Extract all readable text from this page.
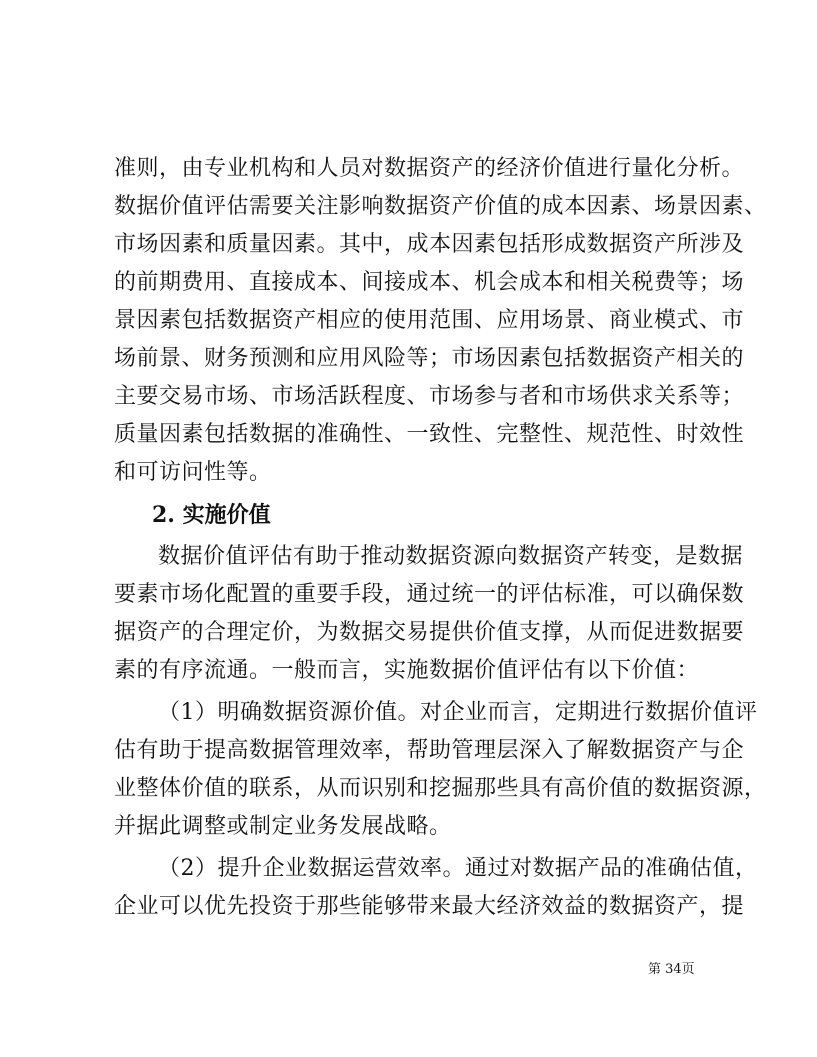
准则，由专业机构和人员对数据资产的经济价值进行量化分析。
数据价值评估需要关注影响数据资产价值的成本因素、场景因素、
市场因素和质量因素。其中，成本因素包括形成数据资产所涉及
的前期费用、直接成本、间接成本、机会成本和相关税费等；场
景因素包括数据资产相应的使用范围、应用场景、商业模式、市
场前景、财务预测和应用风险等；市场因素包括数据资产相关的
主要交易市场、市场活跃程度、市场参与者和市场供求关系等；
质量因素包括数据的准确性、一致性、完整性、规范性、时效性
和可访问性等。
2. 实施价值
数据价值评估有助于推动数据资源向数据资产转变，是数据
要素市场化配置的重要手段，通过统一的评估标准，可以确保数
据资产的合理定价，为数据交易提供价值支撑，从而促进数据要
素的有序流通。一般而言，实施数据价值评估有以下价值：
（1）明确数据资源价值。对企业而言，定期进行数据价值评
估有助于提高数据管理效率，帮助管理层深入了解数据资产与企
业整体价值的联系，从而识别和挖掘那些具有高价值的数据资源，
并据此调整或制定业务发展战略。
（2）提升企业数据运营效率。通过对数据产品的准确估值，
企业可以优先投资于那些能够带来最大经济效益的数据资产，提
第 34页
